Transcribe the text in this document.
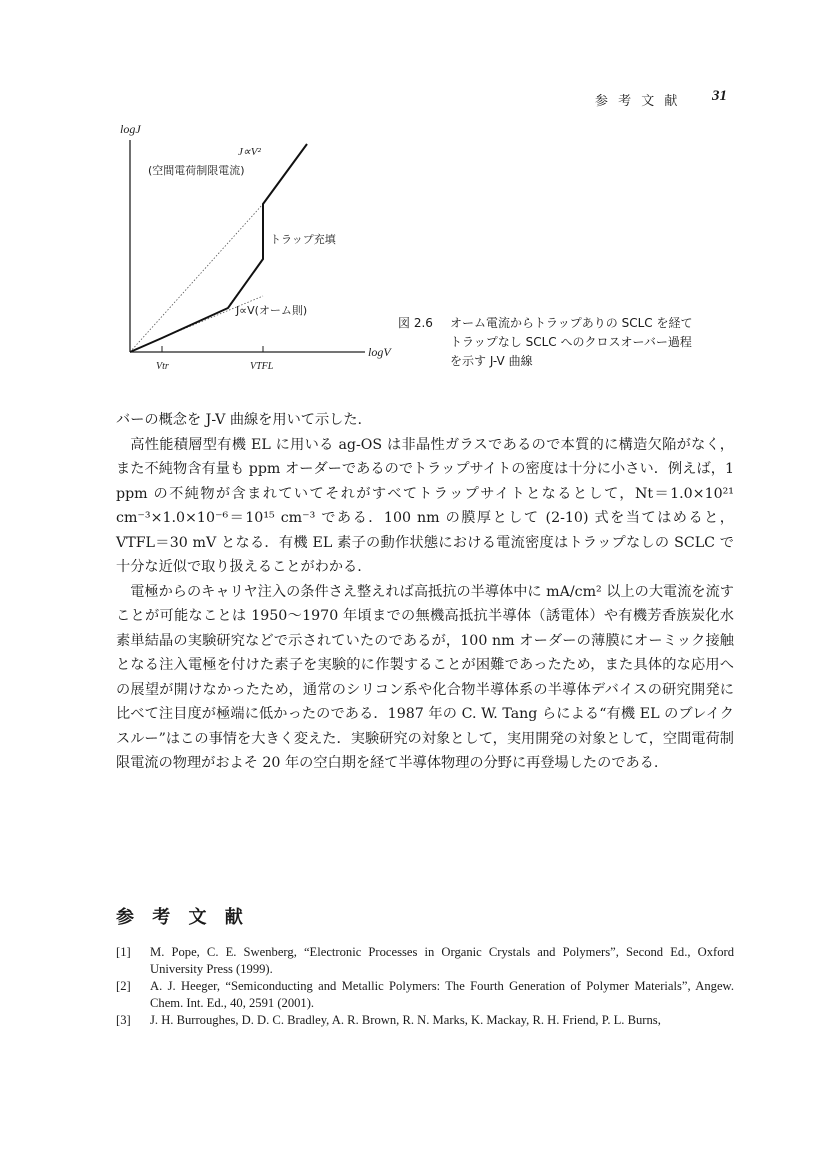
参 考 文 献 31
logJ
logV
J∝V²
(空間電荷制限電流)
トラップ充填
J∝V(オーム則)
Vtr	VTFL
図 2.6 オーム電流からトラップありの SCLC を経て
トラップなし SCLC へのクロスオーバー過程
を示す J-V 曲線

バーの概念を J-V 曲線を用いて示した.

高性能積層型有機 EL に用いる ag-OS は非晶性ガラスであるので本質的に構造欠陥がなく，また不純物含有量も ppm オーダーであるのでトラップサイトの密度は十分に小さい．例えば，1 ppm の不純物が含まれていてそれがすべてトラップサイトとなるとして，Nt＝1.0×10²¹ cm⁻³×1.0×10⁻⁶＝10¹⁵ cm⁻³ である．100 nm の膜厚として (2-10) 式を当てはめると，VTFL＝30 mV となる．有機 EL 素子の動作状態における電流密度はトラップなしの SCLC で十分な近似で取り扱えることがわかる.

電極からのキャリヤ注入の条件さえ整えれば高抵抗の半導体中に mA/cm² 以上の大電流を流すことが可能なことは 1950～1970 年頃までの無機高抵抗半導体（誘電体）や有機芳香族炭化水素単結晶の実験研究などで示されていたのであるが，100 nm オーダーの薄膜にオーミック接触となる注入電極を付けた素子を実験的に作製することが困難であったため，また具体的な応用への展望が開けなかったため，通常のシリコン系や化合物半導体系の半導体デバイスの研究開発に比べて注目度が極端に低かったのである．1987 年の C. W. Tang らによる“有機 EL のブレイクスルー”はこの事情を大きく変えた．実験研究の対象として，実用開発の対象として，空間電荷制限電流の物理がおよそ 20 年の空白期を経て半導体物理の分野に再登場したのである.

参 考 文 献
[1]	M. Pope, C. E. Swenberg, “Electronic Processes in Organic Crystals and Polymers”, Second Ed., Oxford University Press (1999).
[2]	A. J. Heeger, “Semiconducting and Metallic Polymers: The Fourth Generation of Polymer Materials”, Angew. Chem. Int. Ed., 40, 2591 (2001).
[3]	J. H. Burroughes, D. D. C. Bradley, A. R. Brown, R. N. Marks, K. Mackay, R. H. Friend, P. L. Burns,
